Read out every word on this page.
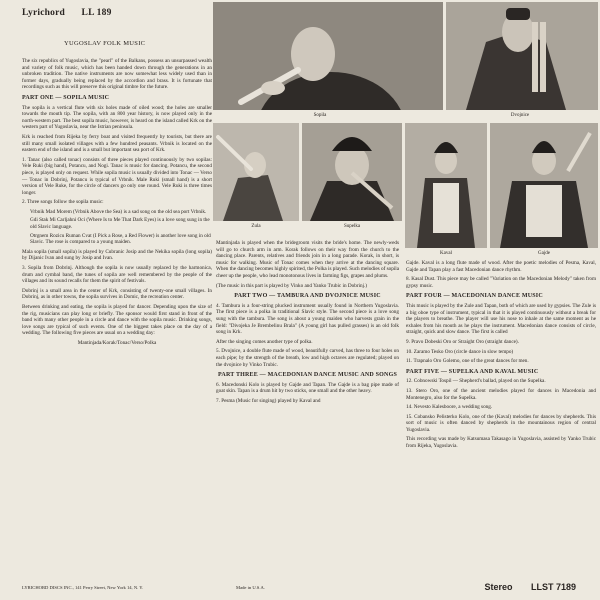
Lyrichord LL 189
YUGOSLAV FOLK MUSIC

The six republics of Yugoslavia, the "pearl" of the Balkans, possess an unsurpassed wealth and variety of folk music, which has been handed down through the generations in an unbroken tradition. The native instruments are now somewhat less widely used than in former days, gradually being replaced by the accordion and brass. It is fortunate that recordings such as this will preserve this original timbre for the future.

PART ONE — SOPILA MUSIC

The sopila is a vertical flute with six holes made of oiled wood; the holes are smaller towards the mouth tip. The sopila, with an 800 year history, is now played only in the north-western part. The best sopila music, however, is heard on the island called Krk on the western part of Yugoslavia, near the Istrian peninsula.

Krk is reached from Rijeka by ferry boat and visited frequently by tourists, but there are still many small isolated villages with a few hundred peasants. Vrbnik is located on the eastern end of the island and is a small but important sea port of Krk.

1. Tanac (also called tonac) consists of three pieces played continuously by two sopilas: Vele Ruki (big hand), Potancu, and Nogi. Tanac is music for dancing. Potancu, the second piece, is played only on request. While sopila music is usually divided into Tonac — Verso — Tonac in Dobrinj, Potancu is typical of Vrbnik. Male Ruki (small hand) is a short version of Vele Ruke, for the circle of dancers go only one round. Vele Ruki is three times longer.

2. Three songs follow the sopila music:

Vrbnik Mad Morem (Vrbnik Above the Sea) is a sad song on the old sea port Vrbnik.
Gdi Stak Mi Carljahni Oci (Where Is to Me That Dark Eyes) is a love song sung in the old Slavic language.
Otrgnem Rozicu Ruman Cvat (I Pick a Rose, a Red Flower) is another love song in old Slavic. The rose is compared to a young maiden.

Mala sopila (small sopila) is played by Cubranic Josip and the Nekika sopila (long sopila) by Dijanic Ivan and sung by Josip and Ivan.

3. Sopila from Dobrinj. Although the sopila is now usually replaced by the harmonica, drum and cymbal band, the tunes of sopila are well remembered by the people of the villages and its sound recalls for them the spirit of festivals.

Dobrinj is a small area in the center of Krk, consisting of twenty-one small villages. In Dobrinj, as in other towns, the sopila survives in Domic, the recreation center.

Between drinking and eating, the sopila is played for dancer. Depending upon the size of the rig, musicians can play long or briefly. The sponsor would first stand in front of the band with many other people in a circle and dance with the sopila music. Drinking songs, love songs are typical of such events. One of the biggest takes place on the day of a wedding. The following five pieces are usual on a wedding day:

Mantinjada/Korak/Tonac/Verso/Polka

Sopila	Dvojnice
Zula	Supelka
Kaval	Gajde

Mantinjada is played when the bridegroom visits the bride's home. The newly-weds will go to church arm in arm. Korak follows on their way from the church to the dancing place. Parents, relatives and friends join in a long parade. Korak, in short, is music for walking. Music of Tonac comes when they arrive at the dancing square. When the dancing becomes highly spirited, the Polka is played. Such melodies of sopila cheer up the people, who lead monotonous lives in farming figs, grapes and plums.

(The music in this part is played by Vinko and Yanko Trubic in Dobrinj.)

PART TWO — TAMBURA AND DVOJNICE MUSIC

4. Tambura is a four-string plucked instrument usually found in Northern Yugoslavia. The first piece is a polka in traditional Slavic style. The second piece is a love song sung with the tambura. The song is about a young maiden who harvests grain in the field: "Divojeka Je Brembelinu Brala" (A young girl has pulled grasses) is an old folk song in Krk.

After the singing comes another type of polka.

5. Dvojnice, a double flute made of wood, beautifully carved, has three to four holes on each pipe; by the strength of the breath, low and high octaves are regulated; played on the dvojnice by Vinko Trubic.

PART THREE — MACEDONIAN DANCE MUSIC AND SONGS

6. Macedonski Kolo is played by Gajde and Tapan. The Gajde is a bag pipe made of goat skin. Tapan is a drum hit by two sticks, one small and the other heavy.

7. Pesma (Music for singing) played by Kaval and

Gajde. Kaval is a long flute made of wood. After the poetic melodies of Pesma, Kaval, Gajde and Tapan play a fast Macedonian dance rhythm.

8. Kasal Dust. This piece may be called "Variation on the Macedonian Melody" taken from gypsy music.

PART FOUR — MACEDONIAN DANCE MUSIC

This music is played by the Zule and Tapan, both of which are used by gypsies. The Zule is a big oboe type of instrument, typical in that it is played continuously without a break for the players to breathe. The player will use his nose to inhale at the same moment as he exhales from his mouth as he plays the instrument. Macedonian dance consists of circle, straight, quick and slow dance. The first is called

9. Pravo Dobeski Oro or Straight Oro (straight dance).

10. Zaramo Tesko Oro (circle dance in slow tempo)

11. Trapnalo Oro Golemo, one of the great dances for men.

PART FIVE — SUPELKA AND KAVAL MUSIC

12. Cobnowski Tospil — Shepherd's ballad, played on the Supelka.

13. Stero Oro, one of the ancient melodies played for dances in Macedonia and Montenegro, also for the Supelka.

14. Nevesto Kalesboore, a wedding song.

15. Cobansko Pelisterko Kolo, one of the (Kaval) melodies for dances by shepherds. This sort of music is often danced by shepherds in the mountainous region of central Yugoslavia.

This recording was made by Katsumasa Takasago in Yugoslavia, assisted by Yanko Trubic from Rijeka, Yugoslavia.

LYRICHORD DISCS INC., 141 Perry Street, New York 14, N. Y.	Made in U.S.A.	Stereo LLST 7189
